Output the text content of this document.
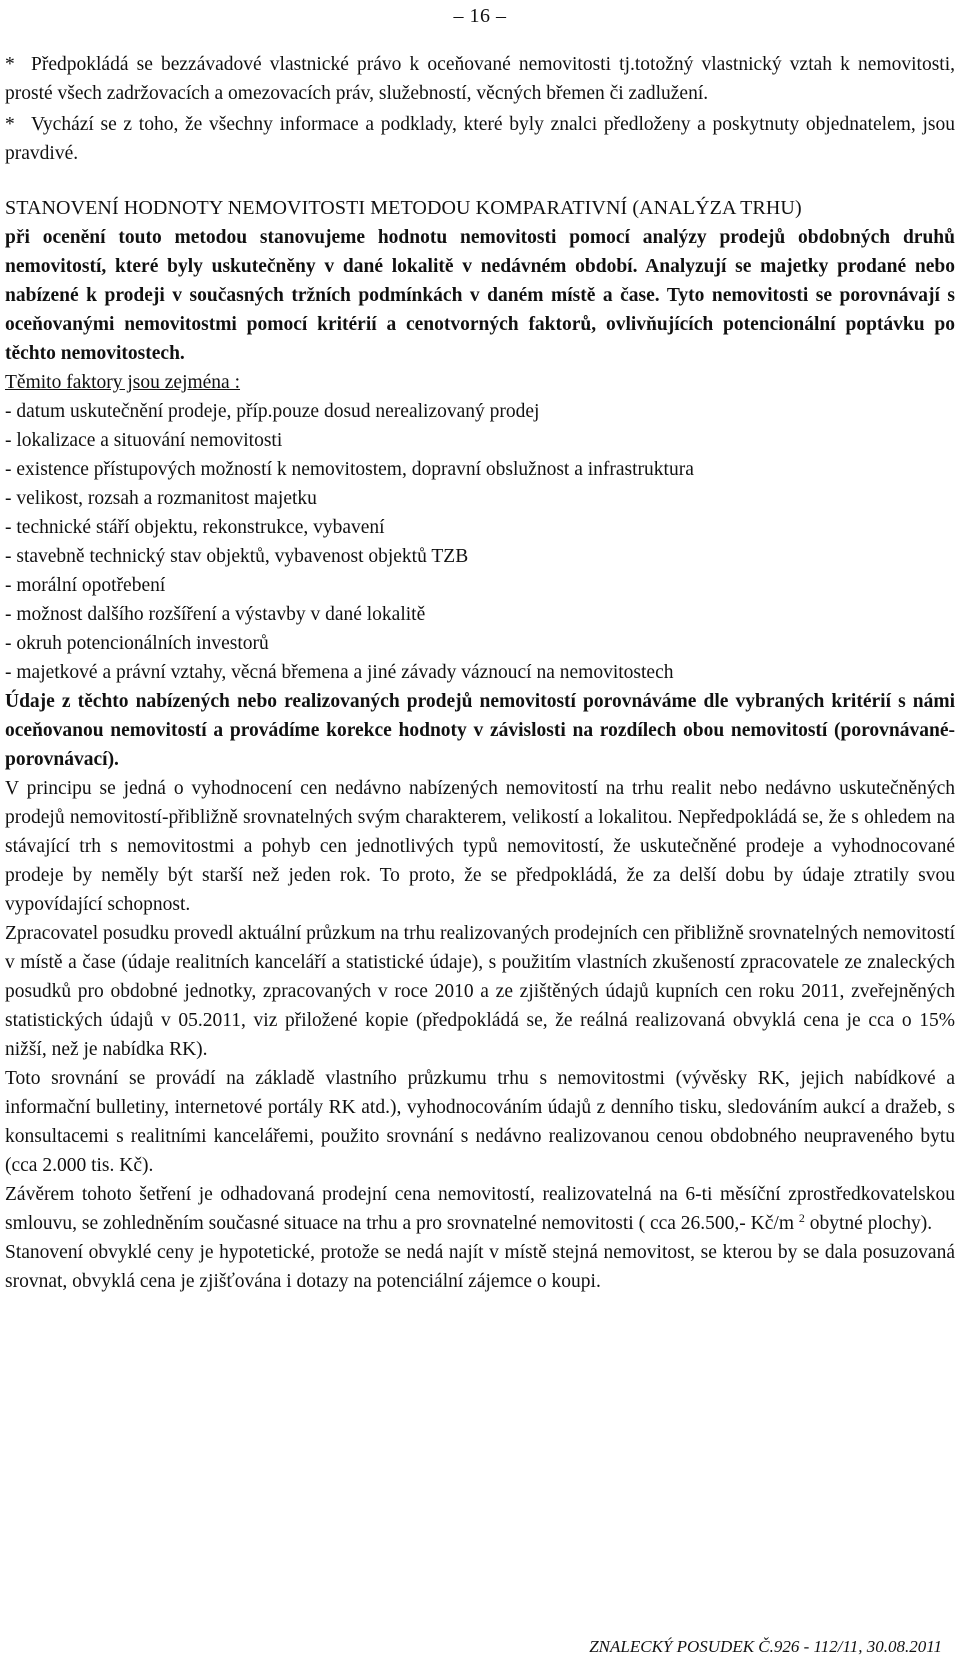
– 16 –

* Předpokládá se bezzávadové vlastnické právo k oceňované nemovitosti tj.totožný vlastnický vztah k nemovitosti, prosté všech zadržovacích a omezovacích práv, služebností, věcných břemen či zadlužení.

* Vychází se z toho, že všechny informace a podklady, které byly znalci předloženy a poskytnuty objednatelem, jsou pravdivé.

STANOVENÍ HODNOTY NEMOVITOSTI METODOU KOMPARATIVNÍ (ANALÝZA TRHU)

při ocenění touto metodou stanovujeme hodnotu nemovitosti pomocí analýzy prodejů obdobných druhů nemovitostí, které byly uskutečněny v dané lokalitě v nedávném období. Analyzují se majetky prodané nebo nabízené k prodeji v současných tržních podmínkách v daném místě a čase. Tyto nemovitosti se porovnávají s oceňovanými nemovitostmi pomocí kritérií a cenotvorných faktorů, ovlivňujících potencionální poptávku po těchto nemovitostech.

Těmito faktory jsou zejména :
- datum uskutečnění prodeje, příp.pouze dosud nerealizovaný prodej
- lokalizace a situování nemovitosti
- existence přístupových možností k nemovitostem, dopravní obslužnost a infrastruktura
- velikost, rozsah a rozmanitost majetku
- technické stáří objektu, rekonstrukce, vybavení
- stavebně technický stav objektů, vybavenost objektů TZB
- morální opotřebení
- možnost dalšího rozšíření a výstavby v dané lokalitě
- okruh potencionálních investorů
- majetkové a právní vztahy, věcná břemena a jiné závady váznoucí na nemovitostech

Údaje z těchto nabízených nebo realizovaných prodejů nemovitostí porovnáváme dle vybraných kritérií s námi oceňovanou nemovitostí a provádíme korekce hodnoty v závislosti na rozdílech obou nemovitostí (porovnávané-porovnávací).

V principu se jedná o vyhodnocení cen nedávno nabízených nemovitostí na trhu realit nebo nedávno uskutečněných prodejů nemovitostí-přibližně srovnatelných svým charakterem, velikostí a lokalitou. Nepředpokládá se, že s ohledem na stávající trh s nemovitostmi a pohyb cen jednotlivých typů nemovitostí, že uskutečněné prodeje a vyhodnocované prodeje by neměly být starší než jeden rok. To proto, že se předpokládá, že za delší dobu by údaje ztratily svou vypovídající schopnost.

Zpracovatel posudku provedl aktuální průzkum na trhu realizovaných prodejních cen přibližně srovnatelných nemovitostí v místě a čase (údaje realitních kanceláří a statistické údaje), s použitím vlastních zkušeností zpracovatele ze znaleckých posudků pro obdobné jednotky, zpracovaných v roce 2010 a ze zjištěných údajů kupních cen roku 2011, zveřejněných statistických údajů v 05.2011, viz přiložené kopie (předpokládá se, že reálná realizovaná obvyklá cena je cca o 15% nižší, než je nabídka RK).

Toto srovnání se provádí na základě vlastního průzkumu trhu s nemovitostmi (vývěsky RK, jejich nabídkové a informační bulletiny, internetové portály RK atd.), vyhodnocováním údajů z denního tisku, sledováním aukcí a dražeb, s konsultacemi s realitními kancelářemi, použito srovnání s nedávno realizovanou cenou obdobného neupraveného bytu (cca 2.000 tis. Kč).

Závěrem tohoto šetření je odhadovaná prodejní cena nemovitostí, realizovatelná na 6-ti měsíční zprostředkovatelskou smlouvu, se zohledněním současné situace na trhu a pro srovnatelné nemovitosti ( cca 26.500,- Kč/m $^2$ obytné plochy).

Stanovení obvyklé ceny je hypotetické, protože se nedá najít v místě stejná nemovitost, se kterou by se dala posuzovaná srovnat, obvyklá cena je zjišťována i dotazy na potenciální zájemce o koupi.

ZNALECKÝ POSUDEK Č.926 - 112/11, 30.08.2011
